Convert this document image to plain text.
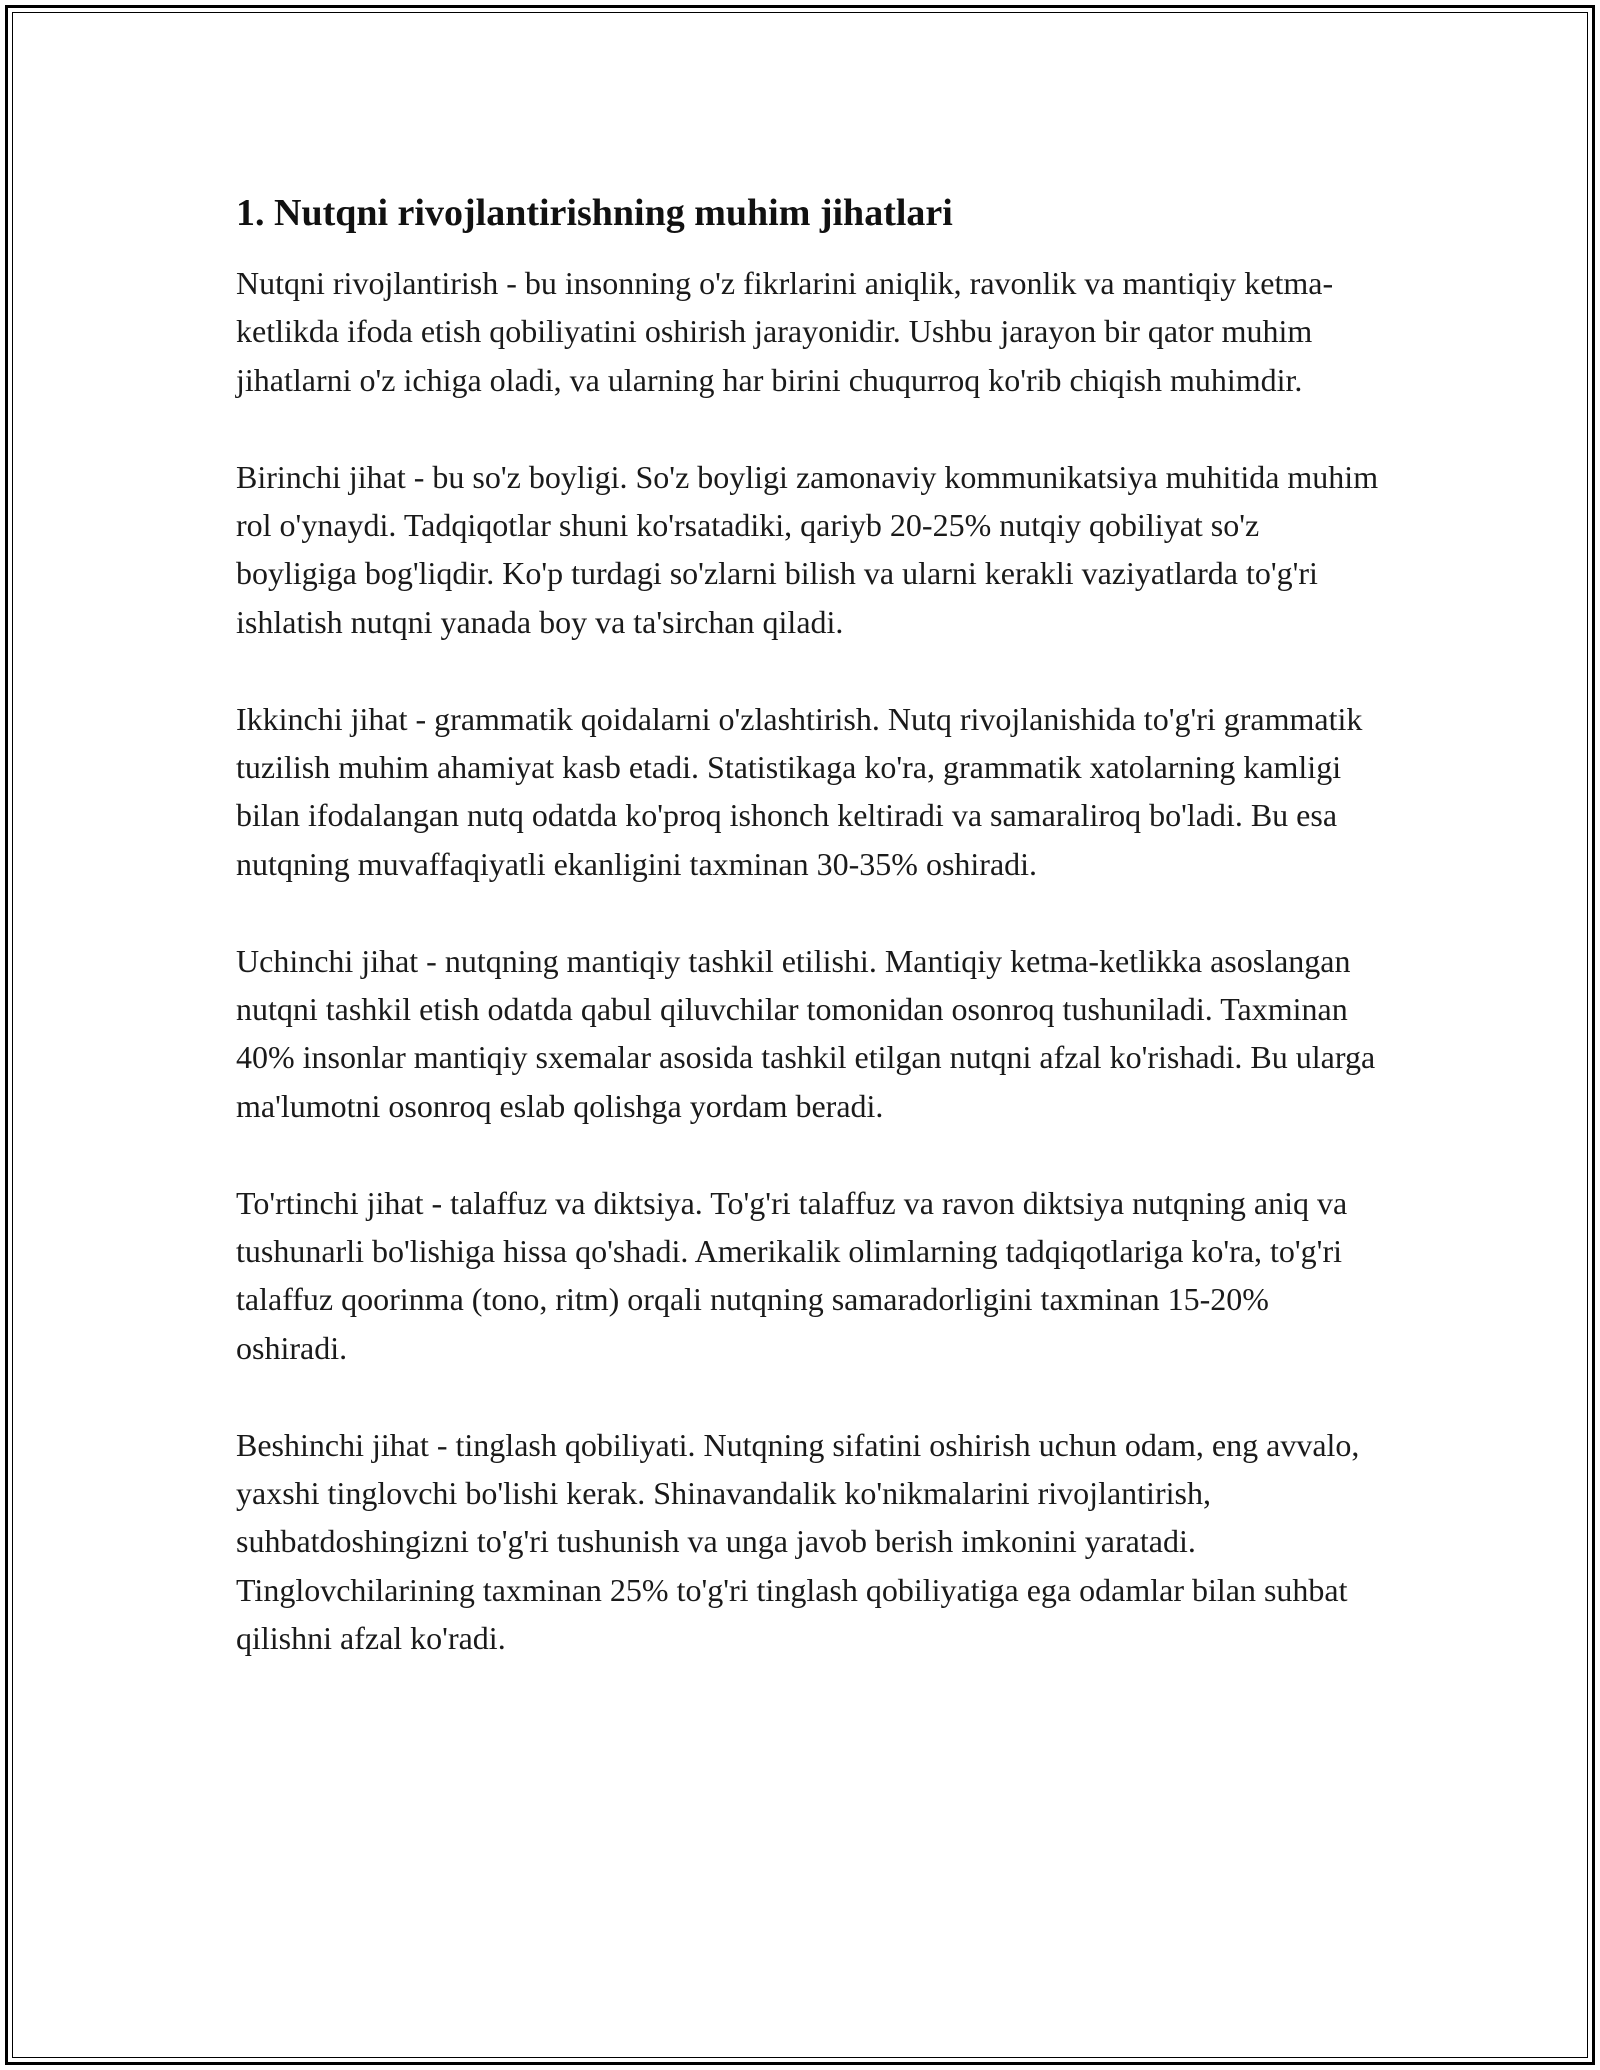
1. Nutqni rivojlantirishning muhim jihatlari

Nutqni rivojlantirish - bu insonning o'z fikrlarini aniqlik, ravonlik va mantiqiy ketma-ketlikda ifoda etish qobiliyatini oshirish jarayonidir. Ushbu jarayon bir qator muhim jihatlarni o'z ichiga oladi, va ularning har birini chuqurroq ko'rib chiqish muhimdir.

Birinchi jihat - bu so'z boyligi. So'z boyligi zamonaviy kommunikatsiya muhitida muhim rol o'ynaydi. Tadqiqotlar shuni ko'rsatadiki, qariyb 20-25% nutqiy qobiliyat so'z boyligiga bog'liqdir. Ko'p turdagi so'zlarni bilish va ularni kerakli vaziyatlarda to'g'ri ishlatish nutqni yanada boy va ta'sirchan qiladi.

Ikkinchi jihat - grammatik qoidalarni o'zlashtirish. Nutq rivojlanishida to'g'ri grammatik tuzilish muhim ahamiyat kasb etadi. Statistikaga ko'ra, grammatik xatolarning kamligi bilan ifodalangan nutq odatda ko'proq ishonch keltiradi va samaraliroq bo'ladi. Bu esa nutqning muvaffaqiyatli ekanligini taxminan 30-35% oshiradi.

Uchinchi jihat - nutqning mantiqiy tashkil etilishi. Mantiqiy ketma-ketlikka asoslangan nutqni tashkil etish odatda qabul qiluvchilar tomonidan osonroq tushuniladi. Taxminan 40% insonlar mantiqiy sxemalar asosida tashkil etilgan nutqni afzal ko'rishadi. Bu ularga ma'lumotni osonroq eslab qolishga yordam beradi.

To'rtinchi jihat - talaffuz va diktsiya. To'g'ri talaffuz va ravon diktsiya nutqning aniq va tushunarli bo'lishiga hissa qo'shadi. Amerikalik olimlarning tadqiqotlariga ko'ra, to'g'ri talaffuz qoorinma (tono, ritm) orqali nutqning samaradorligini taxminan 15-20% oshiradi.

Beshinchi jihat - tinglash qobiliyati. Nutqning sifatini oshirish uchun odam, eng avvalo, yaxshi tinglovchi bo'lishi kerak. Shinavandalik ko'nikmalarini rivojlantirish, suhbatdoshingizni to'g'ri tushunish va unga javob berish imkonini yaratadi. Tinglovchilarining taxminan 25% to'g'ri tinglash qobiliyatiga ega odamlar bilan suhbat qilishni afzal ko'radi.
